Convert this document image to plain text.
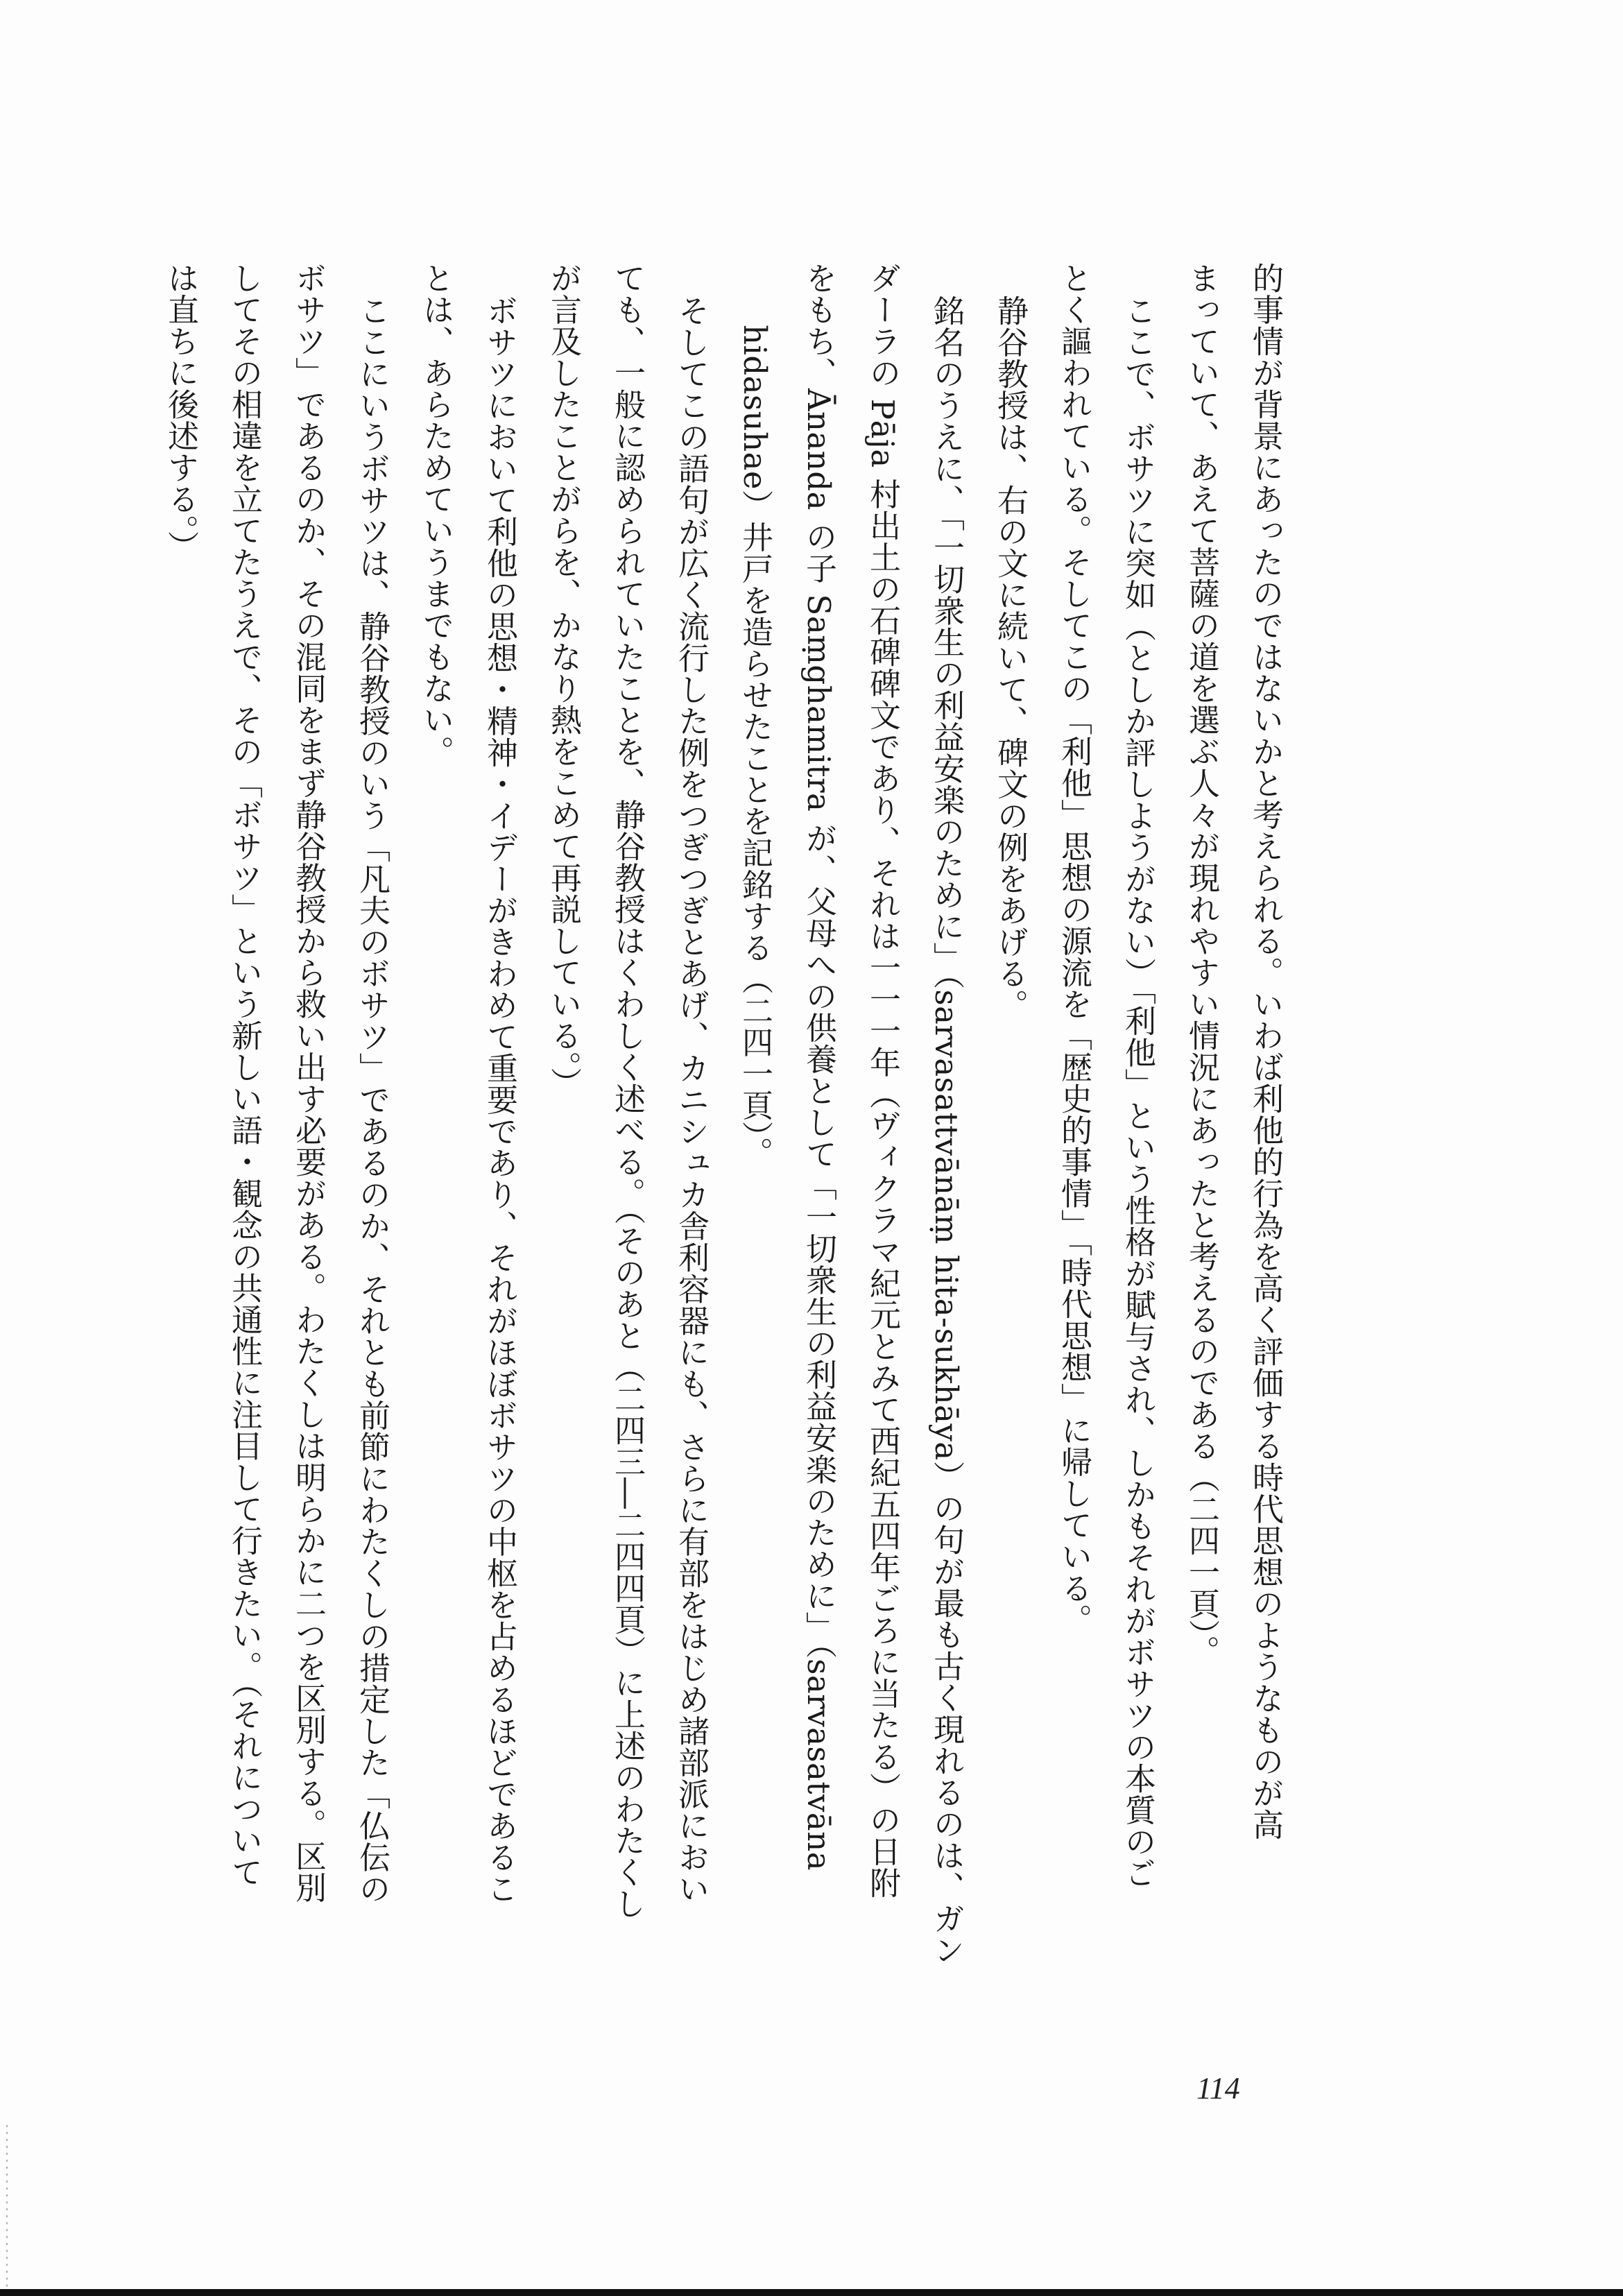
的事情が背景にあったのではないかと考えられる。いわば利他的行為を高く評価する時代思想のようなものが高
まっていて、あえて菩薩の道を選ぶ人々が現れやすい情況にあったと考えるのである（二四一頁）。
ここで、ボサツに突如（としか評しようがない）「利他」という性格が賦与され、しかもそれがボサツの本質のご
とく謳われている。そしてこの「利他」思想の源流を「歴史的事情」「時代思想」に帰している。
静谷教授は、右の文に続いて、碑文の例をあげる。
銘名のうえに、「一切衆生の利益安楽のために」（sarvasattvānāṃ hita-sukhāya）の句が最も古く現れるのは、ガン
ダーラの Pāja 村出土の石碑碑文であり、それは一一一年（ヴィクラマ紀元とみて西紀五四年ごろに当たる）の日附
をもち、Ānanda の子 Saṃghamitra が、父母への供養として「一切衆生の利益安楽のために」（sarvasatvāna
hidasuhae）井戸を造らせたことを記銘する（二四一頁）。
そしてこの語句が広く流行した例をつぎつぎとあげ、カニシュカ舎利容器にも、さらに有部をはじめ諸部派におい
ても、一般に認められていたことを、静谷教授はくわしく述べる。（そのあと（二四三―二四四頁）に上述のわたくし
が言及したことがらを、かなり熱をこめて再説している。）
ボサツにおいて利他の思想・精神・イデーがきわめて重要であり、それがほぼボサツの中枢を占めるほどであるこ
とは、あらためていうまでもない。
ここにいうボサツは、静谷教授のいう「凡夫のボサツ」であるのか、それとも前節にわたくしの措定した「仏伝の
ボサツ」であるのか、その混同をまず静谷教授から救い出す必要がある。わたくしは明らかに二つを区別する。区別
してその相違を立てたうえで、その「ボサツ」という新しい語・観念の共通性に注目して行きたい。（それについて
は直ちに後述する。）
114
